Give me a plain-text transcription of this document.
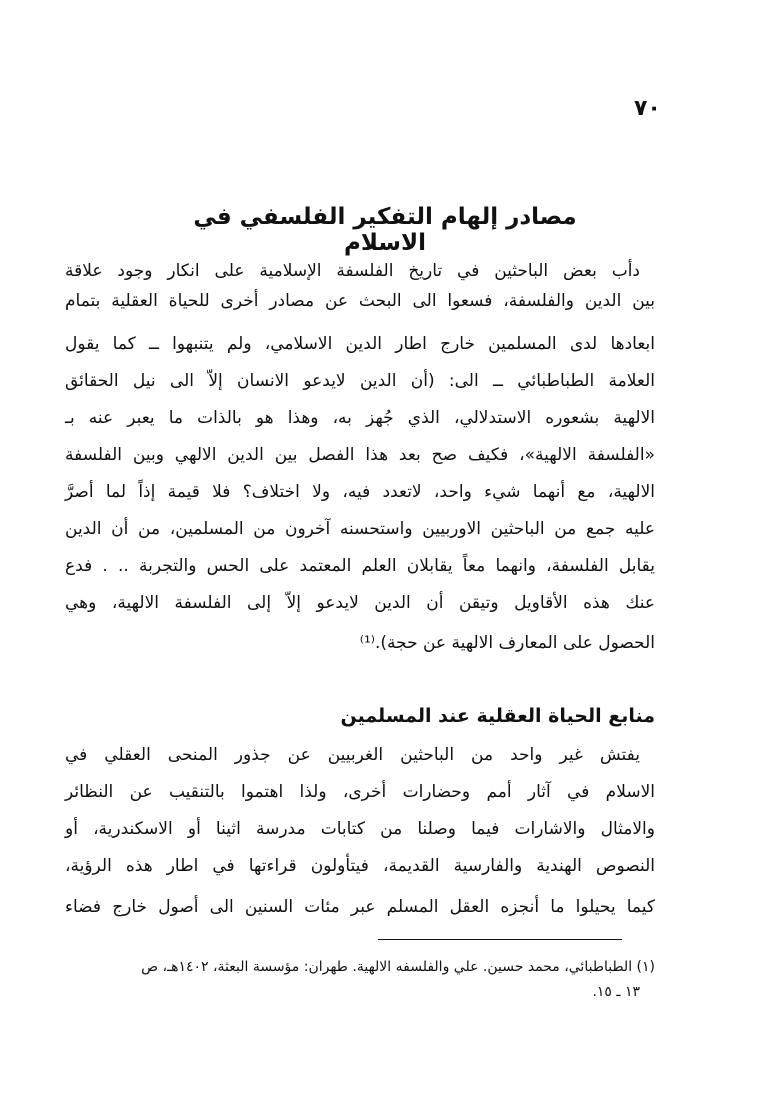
٧٠
مصادر إلهام التفكير الفلسفي في الاسلام
دأب بعض الباحثين في تاريخ الفلسفة الإسلامية على انكار وجود علاقة
بين الدين والفلسفة، فسعوا الى البحث عن مصادر أخرى للحياة العقلية بتمام
ابعادها لدى المسلمين خارج اطار الدين الاسلامي، ولم يتنبهوا ــ كما يقول
العلامة الطباطبائي ــ الى: (أن الدين لايدعو الانسان إلاّ الى نيل الحقائق
الالهية بشعوره الاستدلالي، الذي جُهز به، وهذا هو بالذات ما يعبر عنه بـ
«الفلسفة الالهية»، فكيف صح بعد هذا الفصل بين الدين الالهي وبين الفلسفة
الالهية، مع أنهما شيء واحد، لاتعدد فيه، ولا اختلاف؟ فلا قيمة إذاً لما أصرَّ
عليه جمع من الباحثين الاوربيين واستحسنه آخرون من المسلمين، من أن الدين
يقابل الفلسفة، وانهما معاً يقابلان العلم المعتمد على الحس والتجربة .. . فدع
عنك هذه الأقاويل وتيقن أن الدين لايدعو إلاّ إلى الفلسفة الالهية، وهي
الحصول على المعارف الالهية عن حجة).⁽¹⁾
منابع الحياة العقلية عند المسلمين
يفتش غير واحد من الباحثين الغربيين عن جذور المنحى العقلي في
الاسلام في آثار أمم وحضارات أخرى، ولذا اهتموا بالتنقيب عن النظائر
والامثال والاشارات فيما وصلنا من كتابات مدرسة اثينا أو الاسكندرية، أو
النصوص الهندية والفارسية القديمة، فيتأولون قراءتها في اطار هذه الرؤية،
كيما يحيلوا ما أنجزه العقل المسلم عبر مئات السنين الى أصول خارج فضاء
(١) الطباطبائي، محمد حسين. علي والفلسفه الالهية. طهران: مؤسسة البعثة، ١٤٠٢هـ، ص
١٣ ـ ١٥.
